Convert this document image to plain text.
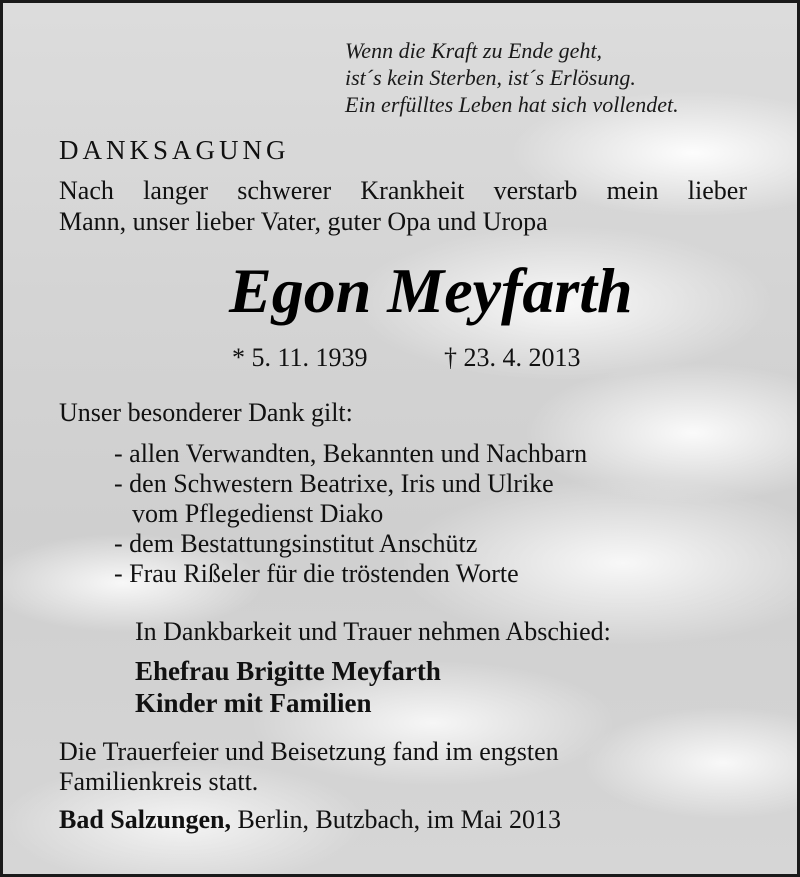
Wenn die Kraft zu Ende geht,
ist´s kein Sterben, ist´s Erlösung.
Ein erfülltes Leben hat sich vollendet.
DANKSAGUNG
Nach langer schwerer Krankheit verstarb mein lieber
Mann, unser lieber Vater, guter Opa und Uropa
Egon Meyfarth
* 5. 11. 1939	† 23. 4. 2013
Unser besonderer Dank gilt:
- allen Verwandten, Bekannten und Nachbarn
- den Schwestern Beatrixe, Iris und Ulrike
vom Pflegedienst Diako
- dem Bestattungsinstitut Anschütz
- Frau Rißeler für die tröstenden Worte
In Dankbarkeit und Trauer nehmen Abschied:
Ehefrau Brigitte Meyfarth
Kinder mit Familien
Die Trauerfeier und Beisetzung fand im engsten
Familienkreis statt.
Bad Salzungen, Berlin, Butzbach, im Mai 2013
